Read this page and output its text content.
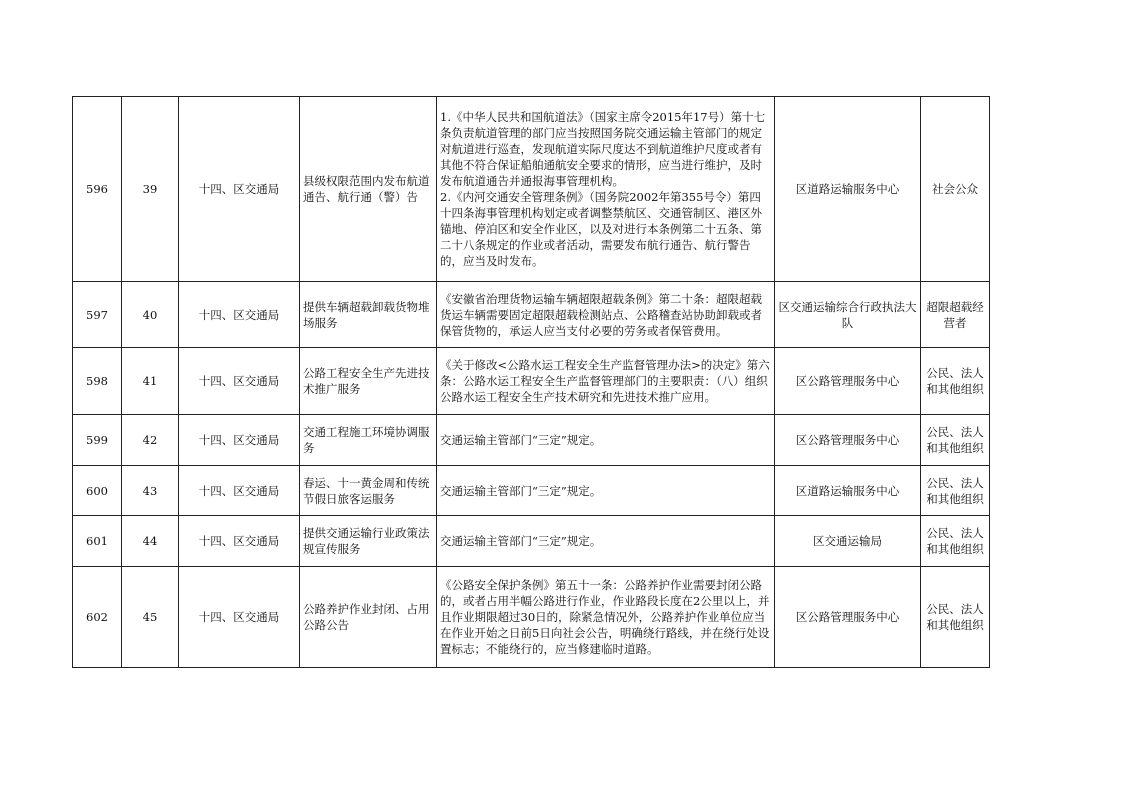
596	39	十四、区交通局	县级权限范围内发布航道通告、航行通（警）告	1.《中华人民共和国航道法》（国家主席令2015年17号）第十七条负责航道管理的部门应当按照国务院交通运输主管部门的规定对航道进行巡查，发现航道实际尺度达不到航道维护尺度或者有其他不符合保证船舶通航安全要求的情形，应当进行维护，及时发布航道通告并通报海事管理机构。
2.《内河交通安全管理条例》（国务院2002年第355号令）第四十四条海事管理机构划定或者调整禁航区、交通管制区、港区外锚地、停泊区和安全作业区，以及对进行本条例第二十五条、第二十八条规定的作业或者活动，需要发布航行通告、航行警告的，应当及时发布。	区道路运输服务中心	社会公众
597	40	十四、区交通局	提供车辆超载卸载货物堆场服务	《安徽省治理货物运输车辆超限超载条例》第二十条：超限超载货运车辆需要固定超限超载检测站点、公路稽查站协助卸载或者保管货物的，承运人应当支付必要的劳务或者保管费用。	区交通运输综合行政执法大队	超限超载经营者
598	41	十四、区交通局	公路工程安全生产先进技术推广服务	《关于修改<公路水运工程安全生产监督管理办法>的决定》第六条：公路水运工程安全生产监督管理部门的主要职责：（八）组织公路水运工程安全生产技术研究和先进技术推广应用。	区公路管理服务中心	公民、法人和其他组织
599	42	十四、区交通局	交通工程施工环境协调服务	交通运输主管部门“三定”规定。	区公路管理服务中心	公民、法人和其他组织
600	43	十四、区交通局	春运、十一黄金周和传统节假日旅客运服务	交通运输主管部门“三定”规定。	区道路运输服务中心	公民、法人和其他组织
601	44	十四、区交通局	提供交通运输行业政策法规宣传服务	交通运输主管部门“三定”规定。	区交通运输局	公民、法人和其他组织
602	45	十四、区交通局	公路养护作业封闭、占用公路公告	《公路安全保护条例》第五十一条：公路养护作业需要封闭公路的，或者占用半幅公路进行作业，作业路段长度在2公里以上，并且作业期限超过30日的，除紧急情况外，公路养护作业单位应当在作业开始之日前5日向社会公告，明确绕行路线，并在绕行处设置标志；不能绕行的，应当修建临时道路。	区公路管理服务中心	公民、法人和其他组织
